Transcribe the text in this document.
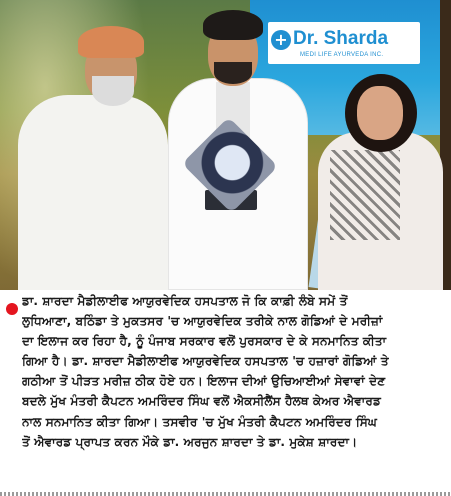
+ Dr. Sharda
MEDI LIFE AYURVEDA INC.
ਡਾ. ਸ਼ਾਰਦਾ ਮੈਡੀਲਾਈਫ ਆਯੁਰਵੇਦਿਕ ਹਸਪਤਾਲ ਜੋ ਕਿ ਕਾਫ਼ੀ ਲੰਬੇ ਸਮੇਂ ਤੋਂ
ਲੁਧਿਆਣਾ, ਬਠਿੰਡਾ ਤੇ ਮੁਕਤਸਰ 'ਚ ਆਯੁਰਵੇਦਿਕ ਤਰੀਕੇ ਨਾਲ ਗੋਡਿਆਂ ਦੇ ਮਰੀਜ਼ਾਂ
ਦਾ ਇਲਾਜ ਕਰ ਰਿਹਾ ਹੈ, ਨੂੰ ਪੰਜਾਬ ਸਰਕਾਰ ਵਲੋਂ ਪੁਰਸਕਾਰ ਦੇ ਕੇ ਸਨਮਾਨਿਤ ਕੀਤਾ
ਗਿਆ ਹੈ। ਡਾ. ਸ਼ਾਰਦਾ ਮੈਡੀਲਾਈਫ ਆਯੁਰਵੇਦਿਕ ਹਸਪਤਾਲ 'ਚ ਹਜ਼ਾਰਾਂ ਗੋਡਿਆਂ ਤੇ
ਗਠੀਆ ਤੋਂ ਪੀੜਤ ਮਰੀਜ਼ ਠੀਕ ਹੋਏ ਹਨ। ਇਲਾਜ ਦੀਆਂ ਉਚਿਆਈਆਂ ਸੇਵਾਵਾਂ ਦੇਣ
ਬਦਲੇ ਮੁੱਖ ਮੰਤਰੀ ਕੈਪਟਨ ਅਮਰਿੰਦਰ ਸਿੰਘ ਵਲੋਂ ਐਕਸੀਲੈਂਸ ਹੈਲਥ ਕੇਅਰ ਐਵਾਰਡ
ਨਾਲ ਸਨਮਾਨਿਤ ਕੀਤਾ ਗਿਆ। ਤਸਵੀਰ 'ਚ ਮੁੱਖ ਮੰਤਰੀ ਕੈਪਟਨ ਅਮਰਿੰਦਰ ਸਿੰਘ
ਤੋਂ ਐਵਾਰਡ ਪ੍ਰਾਪਤ ਕਰਨ ਮੌਕੇ ਡਾ. ਅਰਜੁਨ ਸ਼ਾਰਦਾ ਤੇ ਡਾ. ਮੁਕੇਸ਼ ਸ਼ਾਰਦਾ।
